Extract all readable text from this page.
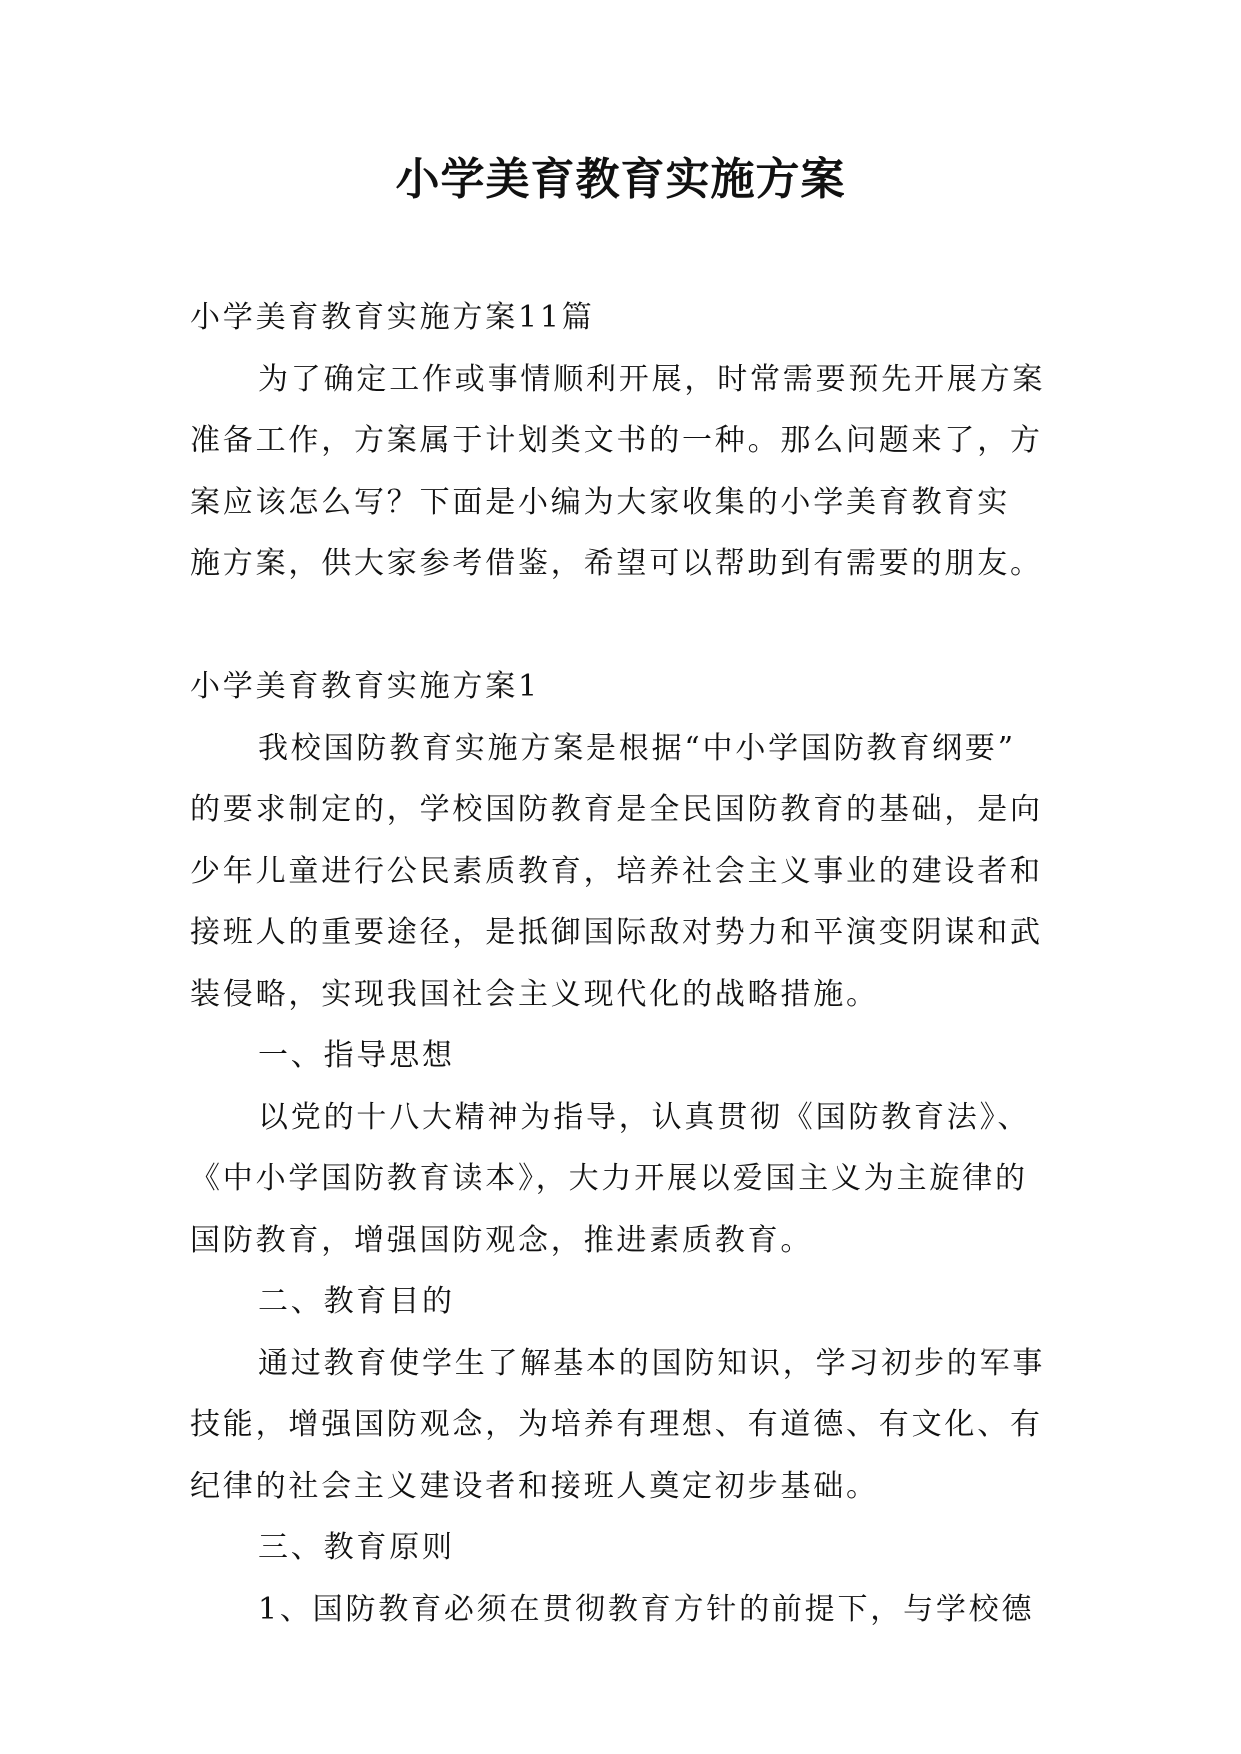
小学美育教育实施方案

小学美育教育实施方案11篇

为了确定工作或事情顺利开展，时常需要预先开展方案

准备工作，方案属于计划类文书的一种。那么问题来了，方

案应该怎么写？下面是小编为大家收集的小学美育教育实

施方案，供大家参考借鉴，希望可以帮助到有需要的朋友。

小学美育教育实施方案1

我校国防教育实施方案是根据“中小学国防教育纲要”

的要求制定的，学校国防教育是全民国防教育的基础，是向

少年儿童进行公民素质教育，培养社会主义事业的建设者和

接班人的重要途径，是抵御国际敌对势力和平演变阴谋和武

装侵略，实现我国社会主义现代化的战略措施。

一、指导思想

以党的十八大精神为指导，认真贯彻《国防教育法》、

《中小学国防教育读本》，大力开展以爱国主义为主旋律的

国防教育，增强国防观念，推进素质教育。

二、教育目的

通过教育使学生了解基本的国防知识，学习初步的军事

技能，增强国防观念，为培养有理想、有道德、有文化、有

纪律的社会主义建设者和接班人奠定初步基础。

三、教育原则

1、国防教育必须在贯彻教育方针的前提下，与学校德
